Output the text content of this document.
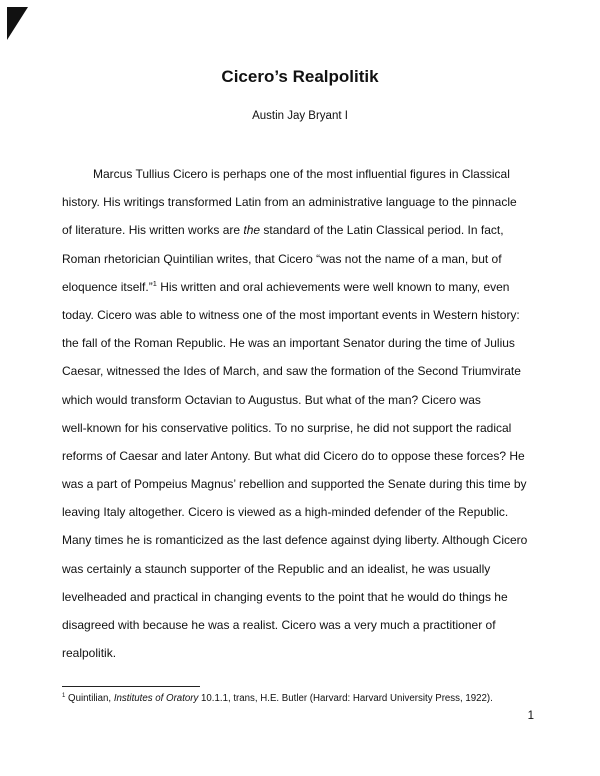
Cicero’s Realpolitik
Austin Jay Bryant I
Marcus Tullius Cicero is perhaps one of the most influential figures in Classical
history. His writings transformed Latin from an administrative language to the pinnacle
of literature. His written works are the standard of the Latin Classical period. In fact,
Roman rhetorician Quintilian writes, that Cicero “was not the name of a man, but of
eloquence itself.”$^1$ His written and oral achievements were well known to many, even
today. Cicero was able to witness one of the most important events in Western history:
the fall of the Roman Republic. He was an important Senator during the time of Julius
Caesar, witnessed the Ides of March, and saw the formation of the Second Triumvirate
which would transform Octavian to Augustus. But what of the man? Cicero was
well-known for his conservative politics. To no surprise, he did not support the radical
reforms of Caesar and later Antony. But what did Cicero do to oppose these forces? He
was a part of Pompeius Magnus’ rebellion and supported the Senate during this time by
leaving Italy altogether. Cicero is viewed as a high-minded defender of the Republic.
Many times he is romanticized as the last defence against dying liberty. Although Cicero
was certainly a staunch supporter of the Republic and an idealist, he was usually
levelheaded and practical in changing events to the point that he would do things he
disagreed with because he was a realist. Cicero was a very much a practitioner of
realpolitik.
$^1$ Quintilian, Institutes of Oratory 10.1.1, trans, H.E. Butler (Harvard: Harvard University Press, 1922).
1
